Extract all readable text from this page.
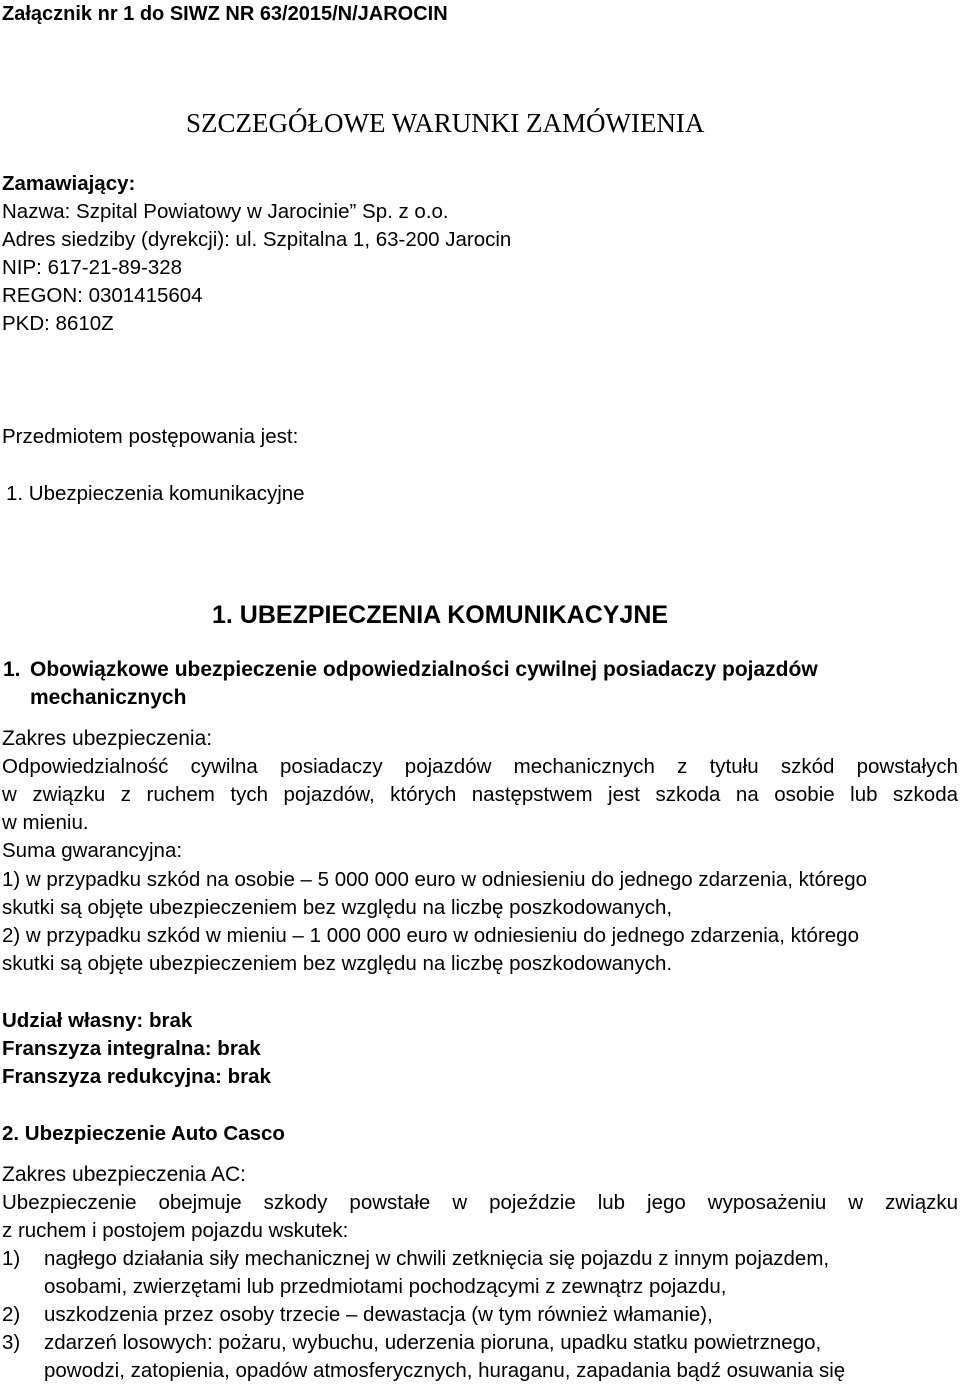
Załącznik nr 1 do SIWZ NR 63/2015/N/JAROCIN
SZCZEGÓŁOWE WARUNKI ZAMÓWIENIA
Zamawiający:
Nazwa: Szpital Powiatowy w Jarocinie” Sp. z o.o.
Adres siedziby (dyrekcji): ul. Szpitalna 1, 63-200 Jarocin
NIP: 617-21-89-328
REGON: 0301415604
PKD: 8610Z
Przedmiotem postępowania jest:
1. Ubezpieczenia komunikacyjne
1. UBEZPIECZENIA KOMUNIKACYJNE
1. Obowiązkowe ubezpieczenie odpowiedzialności cywilnej posiadaczy pojazdów
mechanicznych
Zakres ubezpieczenia:
Odpowiedzialność cywilna posiadaczy pojazdów mechanicznych z tytułu szkód powstałych
w związku z ruchem tych pojazdów, których następstwem jest szkoda na osobie lub szkoda
w mieniu.
Suma gwarancyjna:
1) w przypadku szkód na osobie – 5 000 000 euro w odniesieniu do jednego zdarzenia, którego
skutki są objęte ubezpieczeniem bez względu na liczbę poszkodowanych,
2) w przypadku szkód w mieniu – 1 000 000 euro w odniesieniu do jednego zdarzenia, którego
skutki są objęte ubezpieczeniem bez względu na liczbę poszkodowanych.
Udział własny: brak
Franszyza integralna: brak
Franszyza redukcyjna: brak
2. Ubezpieczenie Auto Casco
Zakres ubezpieczenia AC:
Ubezpieczenie obejmuje szkody powstałe w pojeździe lub jego wyposażeniu w związku
z ruchem i postojem pojazdu wskutek:
1) nagłego działania siły mechanicznej w chwili zetknięcia się pojazdu z innym pojazdem,
osobami, zwierzętami lub przedmiotami pochodzącymi z zewnątrz pojazdu,
2) uszkodzenia przez osoby trzecie – dewastacja (w tym również włamanie),
3) zdarzeń losowych: pożaru, wybuchu, uderzenia pioruna, upadku statku powietrznego,
powodzi, zatopienia, opadów atmosferycznych, huraganu, zapadania bądź osuwania się
